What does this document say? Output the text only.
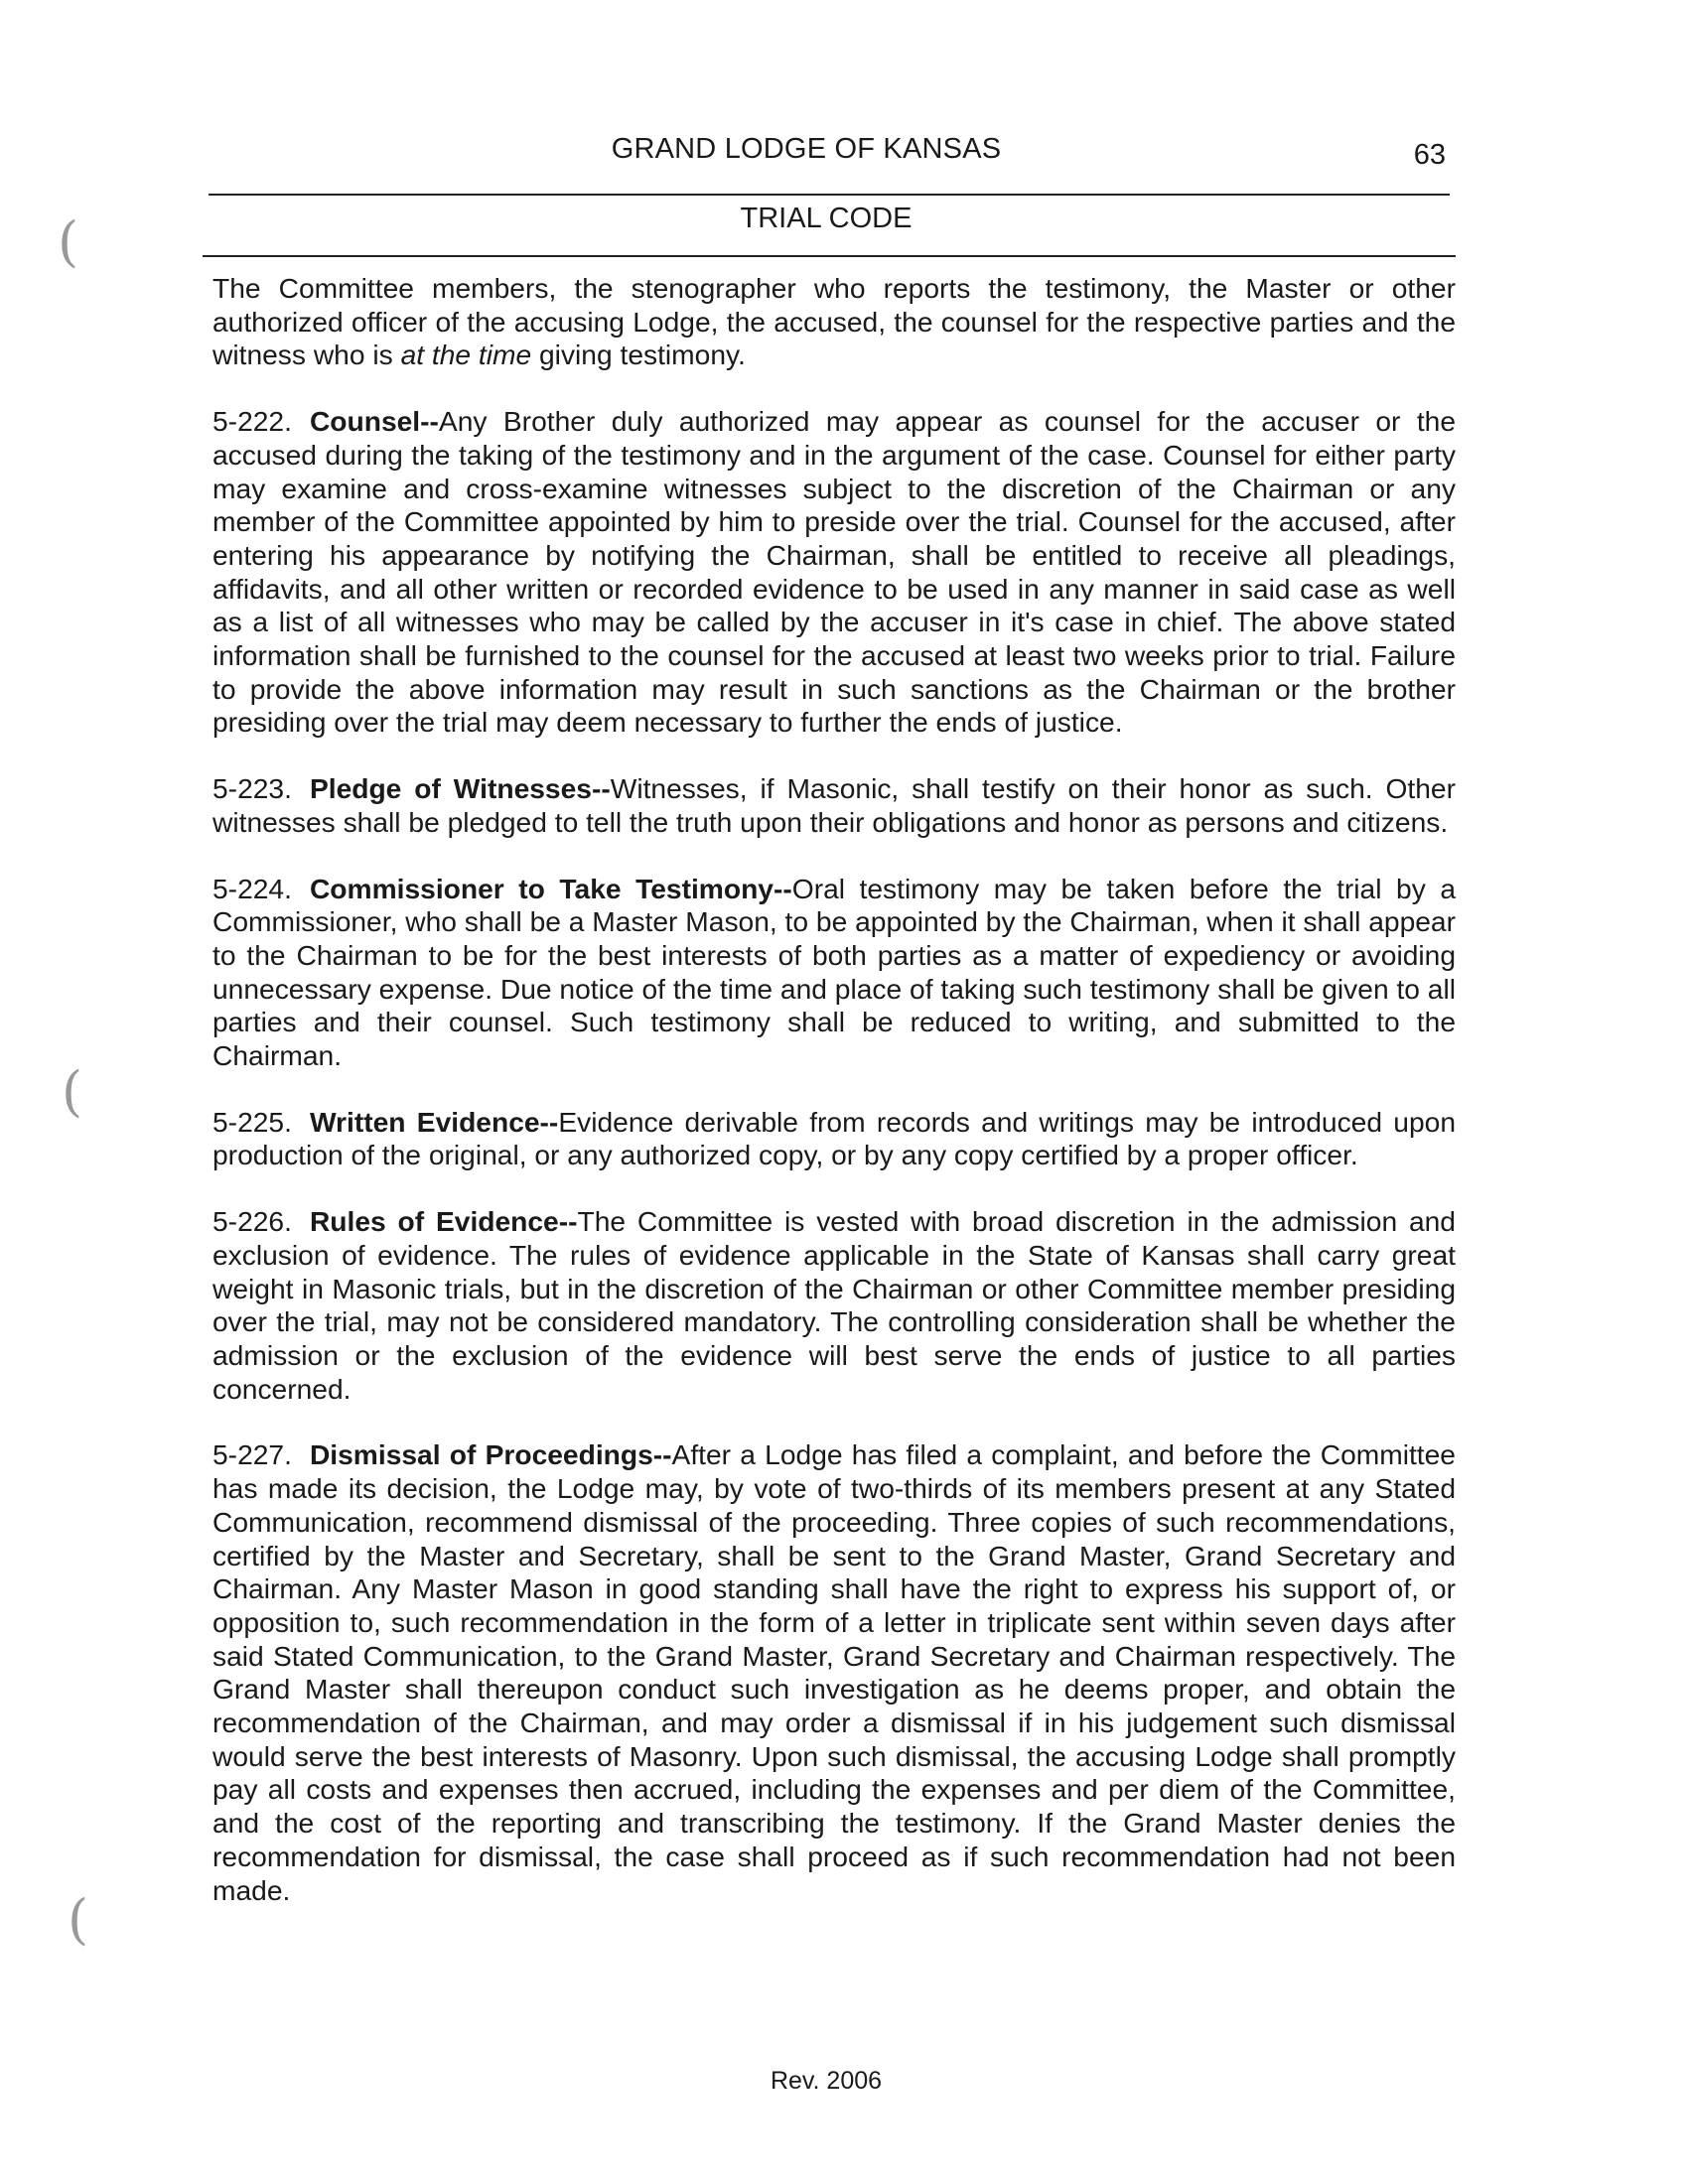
(
(
(
GRAND LODGE OF KANSAS	63
TRIAL CODE

The Committee members, the stenographer who reports the testimony, the Master or other authorized officer of the accusing Lodge, the accused, the counsel for the respective parties and the witness who is at the time giving testimony.

5-222. Counsel--Any Brother duly authorized may appear as counsel for the accuser or the accused during the taking of the testimony and in the argument of the case. Counsel for either party may examine and cross-examine witnesses subject to the discretion of the Chairman or any member of the Committee appointed by him to preside over the trial. Counsel for the accused, after entering his appearance by notifying the Chairman, shall be entitled to receive all pleadings, affidavits, and all other written or recorded evidence to be used in any manner in said case as well as a list of all witnesses who may be called by the accuser in it's case in chief. The above stated information shall be furnished to the counsel for the accused at least two weeks prior to trial. Failure to provide the above information may result in such sanctions as the Chairman or the brother presiding over the trial may deem necessary to further the ends of justice.

5-223. Pledge of Witnesses--Witnesses, if Masonic, shall testify on their honor as such. Other witnesses shall be pledged to tell the truth upon their obligations and honor as persons and citizens.

5-224. Commissioner to Take Testimony--Oral testimony may be taken before the trial by a Commissioner, who shall be a Master Mason, to be appointed by the Chairman, when it shall appear to the Chairman to be for the best interests of both parties as a matter of expediency or avoiding unnecessary expense. Due notice of the time and place of taking such testimony shall be given to all parties and their counsel. Such testimony shall be reduced to writing, and submitted to the Chairman.

5-225. Written Evidence--Evidence derivable from records and writings may be introduced upon production of the original, or any authorized copy, or by any copy certified by a proper officer.

5-226. Rules of Evidence--The Committee is vested with broad discretion in the admission and exclusion of evidence. The rules of evidence applicable in the State of Kansas shall carry great weight in Masonic trials, but in the discretion of the Chairman or other Committee member presiding over the trial, may not be considered mandatory. The controlling consideration shall be whether the admission or the exclusion of the evidence will best serve the ends of justice to all parties concerned.

5-227. Dismissal of Proceedings--After a Lodge has filed a complaint, and before the Committee has made its decision, the Lodge may, by vote of two-thirds of its members present at any Stated Communication, recommend dismissal of the proceeding. Three copies of such recommendations, certified by the Master and Secretary, shall be sent to the Grand Master, Grand Secretary and Chairman. Any Master Mason in good standing shall have the right to express his support of, or opposition to, such recommendation in the form of a letter in triplicate sent within seven days after said Stated Communication, to the Grand Master, Grand Secretary and Chairman respectively. The Grand Master shall thereupon conduct such investigation as he deems proper, and obtain the recommendation of the Chairman, and may order a dismissal if in his judgement such dismissal would serve the best interests of Masonry. Upon such dismissal, the accusing Lodge shall promptly pay all costs and expenses then accrued, including the expenses and per diem of the Committee, and the cost of the reporting and transcribing the testimony. If the Grand Master denies the recommendation for dismissal, the case shall proceed as if such recommendation had not been made.

Rev. 2006
